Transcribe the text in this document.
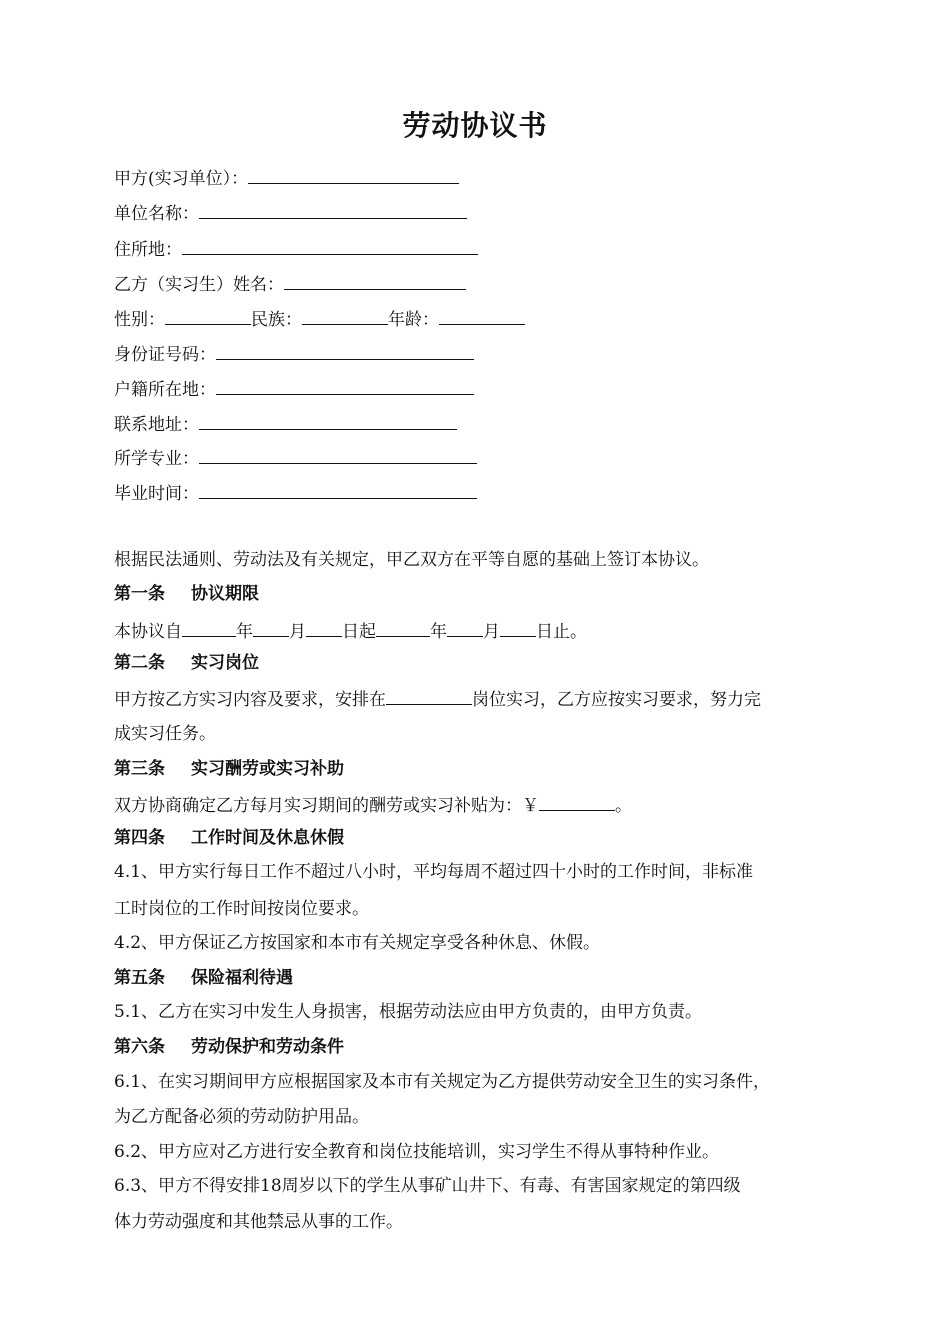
劳动协议书
甲方(实习单位）：
单位名称：
住所地：
乙方（实习生）姓名：
性别：	民族：	年龄：
身份证号码：
户籍所在地：
联系地址：
所学专业：
毕业时间：
根据民法通则、劳动法及有关规定，甲乙双方在平等自愿的基础上签订本协议。
第一条 协议期限
本协议自	年 月 日起	年 月 日止。
第二条 实习岗位
甲方按乙方实习内容及要求，安排在	岗位实习，乙方应按实习要求，努力完
成实习任务。
第三条 实习酬劳或实习补助
双方协商确定乙方每月实习期间的酬劳或实习补贴为：￥	。
第四条 工作时间及休息休假
4.1、甲方实行每日工作不超过八小时，平均每周不超过四十小时的工作时间，非标准
工时岗位的工作时间按岗位要求。
4.2、甲方保证乙方按国家和本市有关规定享受各种休息、休假。
第五条 保险福利待遇
5.1、乙方在实习中发生人身损害，根据劳动法应由甲方负责的，由甲方负责。
第六条 劳动保护和劳动条件
6.1、在实习期间甲方应根据国家及本市有关规定为乙方提供劳动安全卫生的实习条件，
为乙方配备必须的劳动防护用品。
6.2、甲方应对乙方进行安全教育和岗位技能培训，实习学生不得从事特种作业。
6.3、甲方不得安排18周岁以下的学生从事矿山井下、有毒、有害国家规定的第四级
体力劳动强度和其他禁忌从事的工作。
